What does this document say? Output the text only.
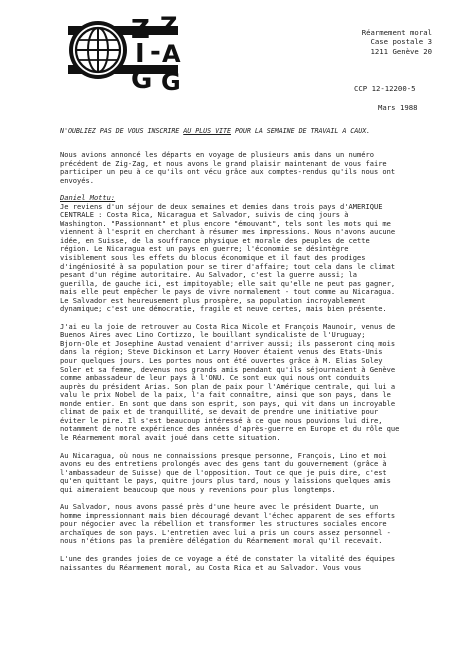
Z
I
G
-
Z
A
G
Réarmement moral
Case postale 3
1211 Genève 20
CCP 12-12200-5
Mars 1988
N'OUBLIEZ PAS DE VOUS INSCRIRE AU PLUS VITE POUR LA SEMAINE DE TRAVAIL A CAUX.
Nous avions annoncé les départs en voyage de plusieurs amis dans un numéro
précédent de Zig-Zag, et nous avons le grand plaisir maintenant de vous faire
participer un peu à ce qu'ils ont vécu grâce aux comptes-rendus qu'ils nous ont
envoyés.
Daniel Mottu:
Je reviens d'un séjour de deux semaines et demies dans trois pays d'AMERIQUE
CENTRALE : Costa Rica, Nicaragua et Salvador, suivis de cinq jours à
Washington. "Passionnant" et plus encore "émouvant", tels sont les mots qui me
viennent à l'esprit en cherchant à résumer mes impressions. Nous n'avons aucune
idée, en Suisse, de la souffrance physique et morale des peuples de cette
région. Le Nicaragua est un pays en guerre; l'économie se désintègre
visiblement sous les effets du blocus économique et il faut des prodiges
d'ingéniosité à sa population pour se tirer d'affaire; tout cela dans le climat
pesant d'un régime autoritaire. Au Salvador, c'est la guerre aussi; la
guerilla, de gauche ici, est impitoyable; elle sait qu'elle ne peut pas gagner,
mais elle peut empêcher le pays de vivre normalement - tout comme au Nicaragua.
Le Salvador est heureusement plus prospère, sa population incroyablement
dynamique; c'est une démocratie, fragile et neuve certes, mais bien présente.
J'ai eu la joie de retrouver au Costa Rica Nicole et François Maunoir, venus de
Buenos Aires avec Lino Cortizzo, le bouillant syndicaliste de l'Uruguay;
Bjorn-Ole et Josephine Austad venaient d'arriver aussi; ils passeront cinq mois
dans la région; Steve Dickinson et Larry Hoover étaient venus des Etats-Unis
pour quelques jours. Les portes nous ont été ouvertes grâce à M. Elias Soley
Soler et sa femme, devenus nos grands amis pendant qu'ils séjournaient à Genève
comme ambassadeur de leur pays à l'ONU. Ce sont eux qui nous ont conduits
auprès du président Arias. Son plan de paix pour l'Amérique centrale, qui lui a
valu le prix Nobel de la paix, l'a fait connaître, ainsi que son pays, dans le
monde entier. En sont que dans son esprit, son pays, qui vit dans un incroyable
climat de paix et de tranquillité, se devait de prendre une initiative pour
éviter le pire. Il s'est beaucoup intéressé à ce que nous pouvions lui dire,
notamment de notre expérience des années d'après-guerre en Europe et du rôle que
le Réarmement moral avait joué dans cette situation.
Au Nicaragua, où nous ne connaissions presque personne, François, Lino et moi
avons eu des entretiens prolongés avec des gens tant du gouvernement (grâce à
l'ambassadeur de Suisse) que de l'opposition. Tout ce que je puis dire, c'est
qu'en quittant le pays, quitre jours plus tard, nous y laissions quelques amis
qui aimeraient beaucoup que nous y revenions pour plus longtemps.
Au Salvador, nous avons passé près d'une heure avec le président Duarte, un
homme impressionnant mais bien découragé devant l'échec apparent de ses efforts
pour négocier avec la rébellion et transformer les structures sociales encore
archaïques de son pays. L'entretien avec lui a pris un cours assez personnel -
nous n'étions pas la première délégation du Réarmement moral qu'il recevait.
L'une des grandes joies de ce voyage a été de constater la vitalité des équipes
naissantes du Réarmement moral, au Costa Rica et au Salvador. Vous vous
